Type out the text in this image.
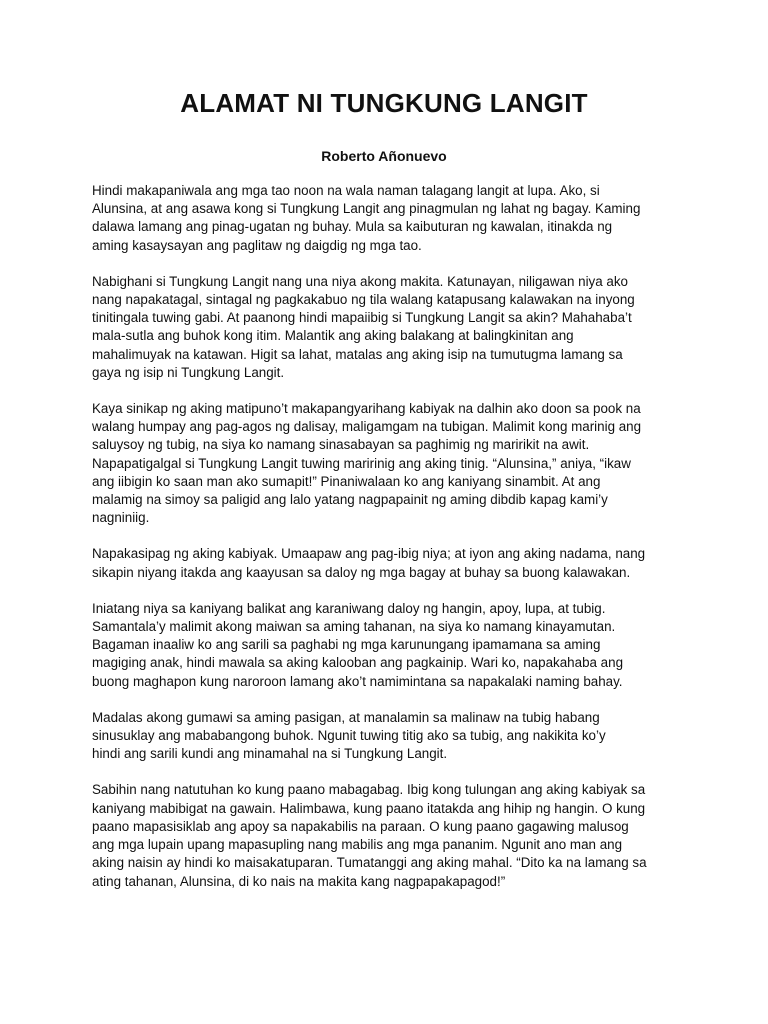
ALAMAT NI TUNGKUNG LANGIT
Roberto Añonuevo

Hindi makapaniwala ang mga tao noon na wala naman talagang langit at lupa. Ako, si
Alunsina, at ang asawa kong si Tungkung Langit ang pinagmulan ng lahat ng bagay. Kaming
dalawa lamang ang pinag-ugatan ng buhay. Mula sa kaibuturan ng kawalan, itinakda ng
aming kasaysayan ang paglitaw ng daigdig ng mga tao.

Nabighani si Tungkung Langit nang una niya akong makita. Katunayan, niligawan niya ako
nang napakatagal, sintagal ng pagkakabuo ng tila walang katapusang kalawakan na inyong
tinitingala tuwing gabi. At paanong hindi mapaiibig si Tungkung Langit sa akin? Mahahaba’t
mala-sutla ang buhok kong itim. Malantik ang aking balakang at balingkinitan ang
mahalimuyak na katawan. Higit sa lahat, matalas ang aking isip na tumutugma lamang sa
gaya ng isip ni Tungkung Langit.

Kaya sinikap ng aking matipuno’t makapangyarihang kabiyak na dalhin ako doon sa pook na
walang humpay ang pag-agos ng dalisay, maligamgam na tubigan. Malimit kong marinig ang
saluysoy ng tubig, na siya ko namang sinasabayan sa paghimig ng maririkit na awit.
Napapatigalgal si Tungkung Langit tuwing maririnig ang aking tinig. “Alunsina,” aniya, “ikaw
ang iibigin ko saan man ako sumapit!” Pinaniwalaan ko ang kaniyang sinambit. At ang
malamig na simoy sa paligid ang lalo yatang nagpapainit ng aming dibdib kapag kami’y
nagniniig.

Napakasipag ng aking kabiyak. Umaapaw ang pag-ibig niya; at iyon ang aking nadama, nang
sikapin niyang itakda ang kaayusan sa daloy ng mga bagay at buhay sa buong kalawakan.

Iniatang niya sa kaniyang balikat ang karaniwang daloy ng hangin, apoy, lupa, at tubig.
Samantala’y malimit akong maiwan sa aming tahanan, na siya ko namang kinayamutan.
Bagaman inaaliw ko ang sarili sa paghabi ng mga karunungang ipamamana sa aming
magiging anak, hindi mawala sa aking kalooban ang pagkainip. Wari ko, napakahaba ang
buong maghapon kung naroroon lamang ako’t namimintana sa napakalaki naming bahay.

Madalas akong gumawi sa aming pasigan, at manalamin sa malinaw na tubig habang
sinusuklay ang mababangong buhok. Ngunit tuwing titig ako sa tubig, ang nakikita ko’y
hindi ang sarili kundi ang minamahal na si Tungkung Langit.

Sabihin nang natutuhan ko kung paano mabagabag. Ibig kong tulungan ang aking kabiyak sa
kaniyang mabibigat na gawain. Halimbawa, kung paano itatakda ang hihip ng hangin. O kung
paano mapasisiklab ang apoy sa napakabilis na paraan. O kung paano gagawing malusog
ang mga lupain upang mapasupling nang mabilis ang mga pananim. Ngunit ano man ang
aking naisin ay hindi ko maisakatuparan. Tumatanggi ang aking mahal. “Dito ka na lamang sa
ating tahanan, Alunsina, di ko nais na makita kang nagpapakapagod!”
